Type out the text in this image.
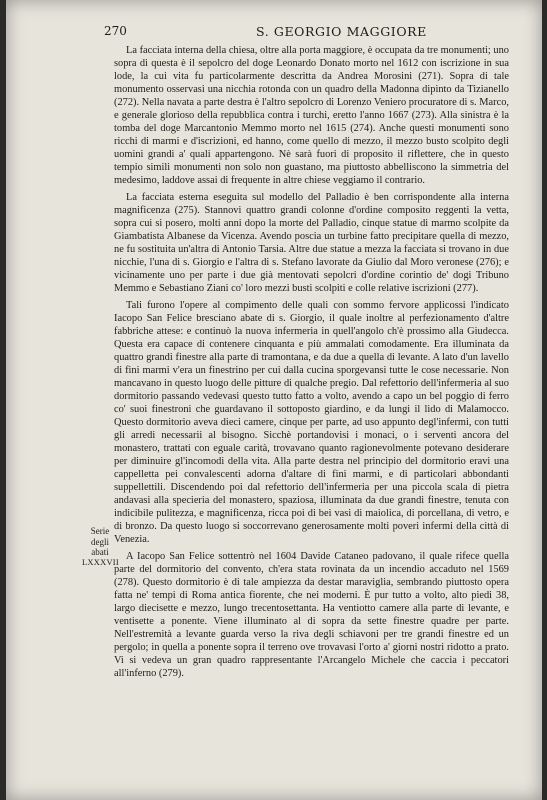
270	S. GEORGIO MAGGIORE
Serie
degli
abati
LXXXVII

La facciata interna della chiesa, oltre alla porta maggiore, è occupata da tre monumenti; uno sopra di questa è il sepolcro del doge Leonardo Donato morto nel 1612 con iscrizione in sua lode, la cui vita fu particolarmente descritta da Andrea Morosini (271). Sopra di tale monumento osservasi una nicchia rotonda con un quadro della Madonna dipinto da Tizianello (272). Nella navata a parte destra è l'altro sepolcro di Lorenzo Veniero procuratore di s. Marco, e generale glorioso della repubblica contra i turchi, eretto l'anno 1667 (273). Alla sinistra è la tomba del doge Marcantonio Memmo morto nel 1615 (274). Anche questi monumenti sono ricchi di marmi e d'iscrizioni, ed hanno, come quello di mezzo, il mezzo busto scolpito degli uomini grandi a' quali appartengono. Nè sarà fuori di proposito il riflettere, che in questo tempio simili monumenti non solo non guastano, ma piuttosto abbelliscono la simmetria del medesimo, laddove assai di frequente in altre chiese veggiamo il contrario.

La facciata esterna eseguita sul modello del Palladio è ben corrispondente alla interna magnificenza (275). Stannovi quattro grandi colonne d'ordine composito reggenti la vetta, sopra cui si posero, molti anni dopo la morte del Palladio, cinque statue di marmo scolpite da Giambatista Albanese da Vicenza. Avendo posciа un turbine fatto precipitare quella di mezzo, ne fu sostituita un'altra di Antonio Tarsia. Altre due statue a mezza la facciata si trovano in due nicchie, l'una di s. Giorgio e l'altra di s. Stefano lavorate da Giulio dal Moro veronese (276); e vicinamente uno per parte i due già mentovati sepolcri d'ordine corintio de' dogi Tribuno Memmo e Sebastiano Ziani co' loro mezzi busti scolpiti e colle relative iscrizioni (277).

Tali furono l'opere al compimento delle quali con sommo fervore applicossi l'indicato Iacopo San Felice bresciano abate di s. Giorgio, il quale inoltre al perfezionamento d'altre fabbriche attese: e continuò la nuova infermeria in quell'angolo ch'è prossimo alla Giudecca. Questa era capace di contenere cinquanta e più ammalati comodamente. Era illuminata da quattro grandi finestre alla parte di tramontana, e da due a quella di levante. A lato d'un lavello di fini marmi v'era un finestrino per cui dalla cucina sporgevansi tutte le cose necessarie. Non mancavano in questo luogo delle pitture di qualche pregio. Dal refettorio dell'infermeria al suo dormitorio passando vedevasi questo tutto fatto a volto, avendo a capo un bel poggio di ferro co' suoi finestroni che guardavano il sottoposto giardino, e da lungi il lido di Malamocco. Questo dormitorio aveva dieci camere, cinque per parte, ad uso appunto degl'infermi, con tutti gli arredi necessarii al bisogno. Sicchè portandovisi i monaci, o i serventi ancora del monastero, trattati con eguale carità, trovavano quanto ragionevolmente potevano desiderare per diminuire gl'incomodi della vita. Alla parte destra nel principio del dormitorio eravi una cappelletta pei convalescenti adorna d'altare di fini marmi, e di particolari abbondanti suppellettili. Discendendo poi dal refettorio dell'infermeria per una piccola scala di pietra andavasi alla specieria del monastero, spaziosa, illuminata da due grandi finestre, tenuta con indicibile pulitezza, e magnificenza, ricca poi di bei vasi di maiolica, di porcellana, di vetro, e di bronzo. Da questo luogo si soccorrevano generosamente molti poveri infermi della città di Venezia.

A Iacopo San Felice sottentrò nel 1604 Davide Cataneo padovano, il quale rifece quella parte del dormitorio del convento, ch'era stata rovinata da un incendio accaduto nel 1569 (278). Questo dormitorio è di tale ampiezza da destar maraviglia, sembrando piuttosto opera fatta ne' tempi di Roma antica fiorente, che nei moderni. È pur tutto a volto, alto piedi 38, largo diecisette e mezzo, lungo trecentosettanta. Ha ventiotto camere alla parte di levante, e ventisette a ponente. Viene illuminato al di sopra da sette finestre quadre per parte. Nell'estremità a levante guarda verso la riva degli schiavoni per tre grandi finestre ed un pergolo; in quella a ponente sopra il terreno ove trovavasi l'orto a' giorni nostri ridotto a prato. Vi si vedeva un gran quadro rappresentante l'Arcangelo Michele che caccia i peccatori all'inferno (279).
